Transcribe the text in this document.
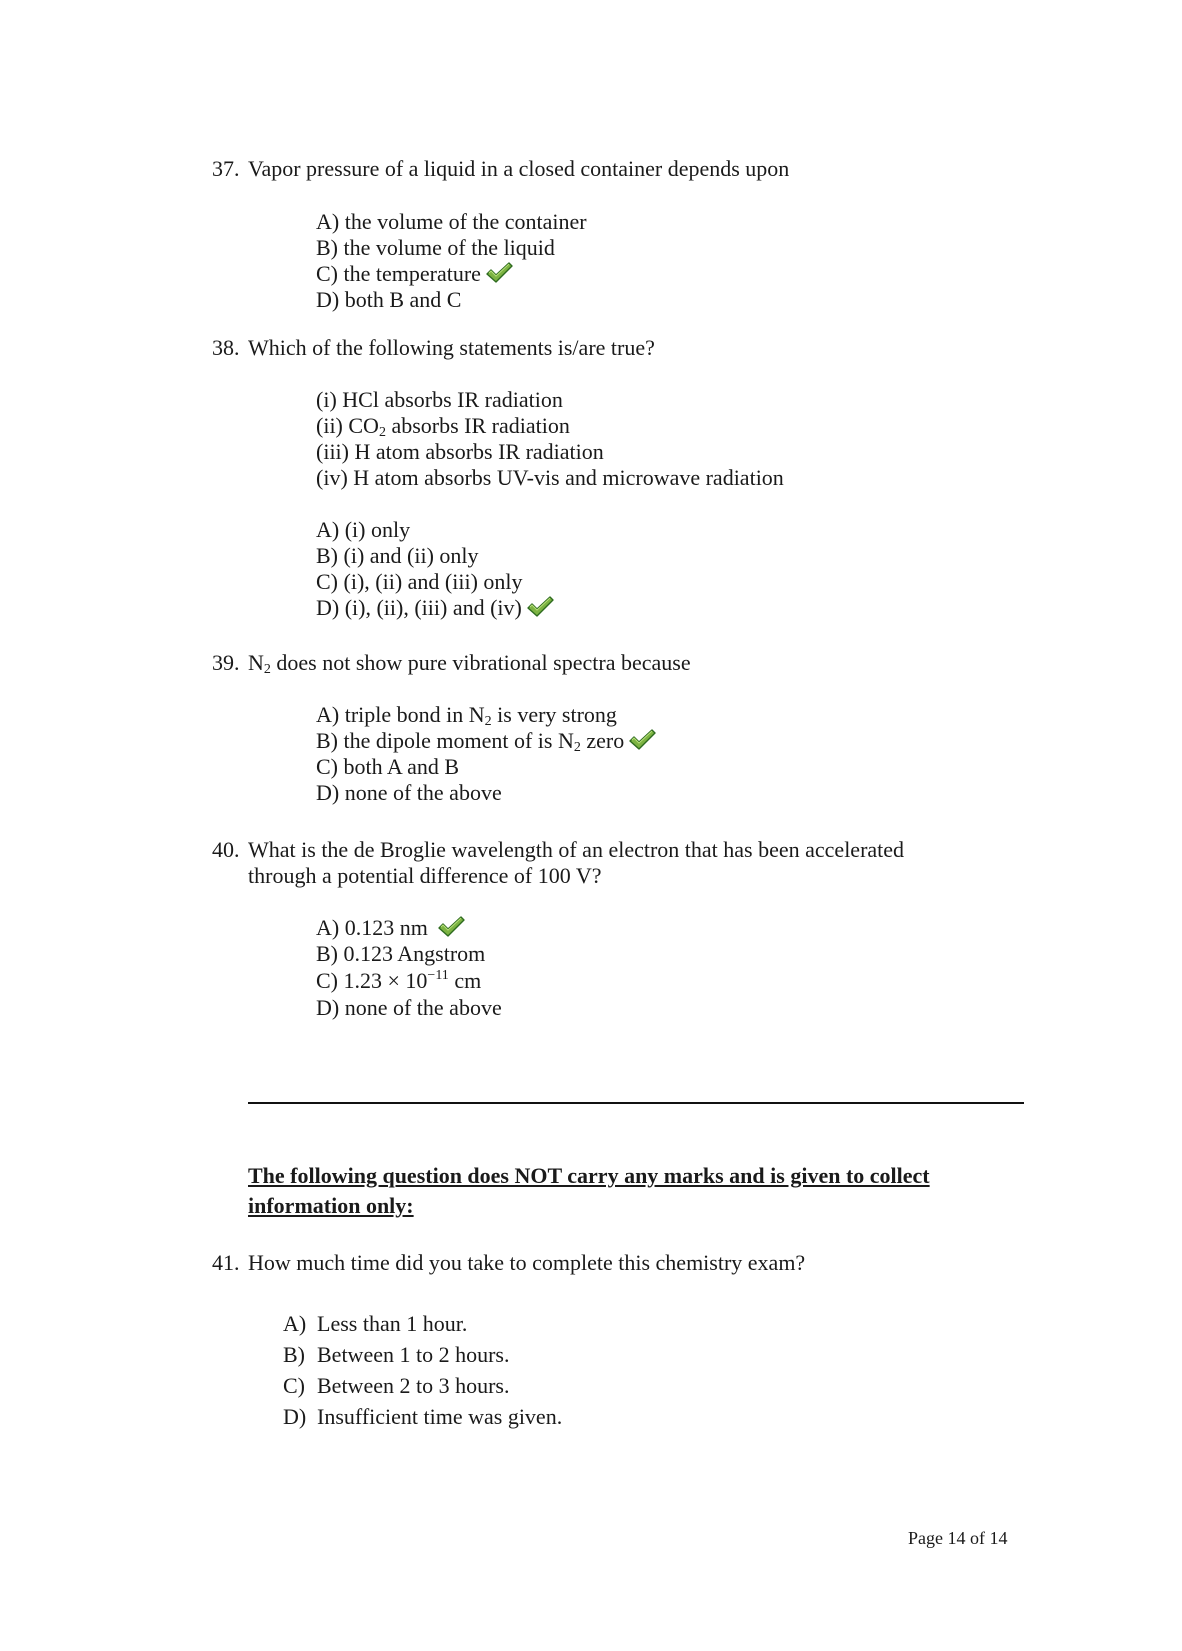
37. Vapor pressure of a liquid in a closed container depends upon
A) the volume of the container
B) the volume of the liquid
C) the temperature
D) both B and C
38. Which of the following statements is/are true?
(i) HCl absorbs IR radiation
(ii) $CO_2$ absorbs IR radiation
(iii) H atom absorbs IR radiation
(iv) H atom absorbs UV-vis and microwave radiation
A) (i) only
B) (i) and (ii) only
C) (i), (ii) and (iii) only
D) (i), (ii), (iii) and (iv)
39. $N_2$ does not show pure vibrational spectra because
A) triple bond in $N_2$ is very strong
B) the dipole moment of is $N_2$ zero
C) both A and B
D) none of the above
40. What is the de Broglie wavelength of an electron that has been accelerated
through a potential difference of 100 V?
A) 0.123 nm
B) 0.123 Angstrom
C) $1.23 \times 10^{-11}$ cm
D) none of the above
The following question does NOT carry any marks and is given to collect
information only:
41. How much time did you take to complete this chemistry exam?
A) Less than 1 hour.
B) Between 1 to 2 hours.
C) Between 2 to 3 hours.
D) Insufficient time was given.
Page 14 of 14
